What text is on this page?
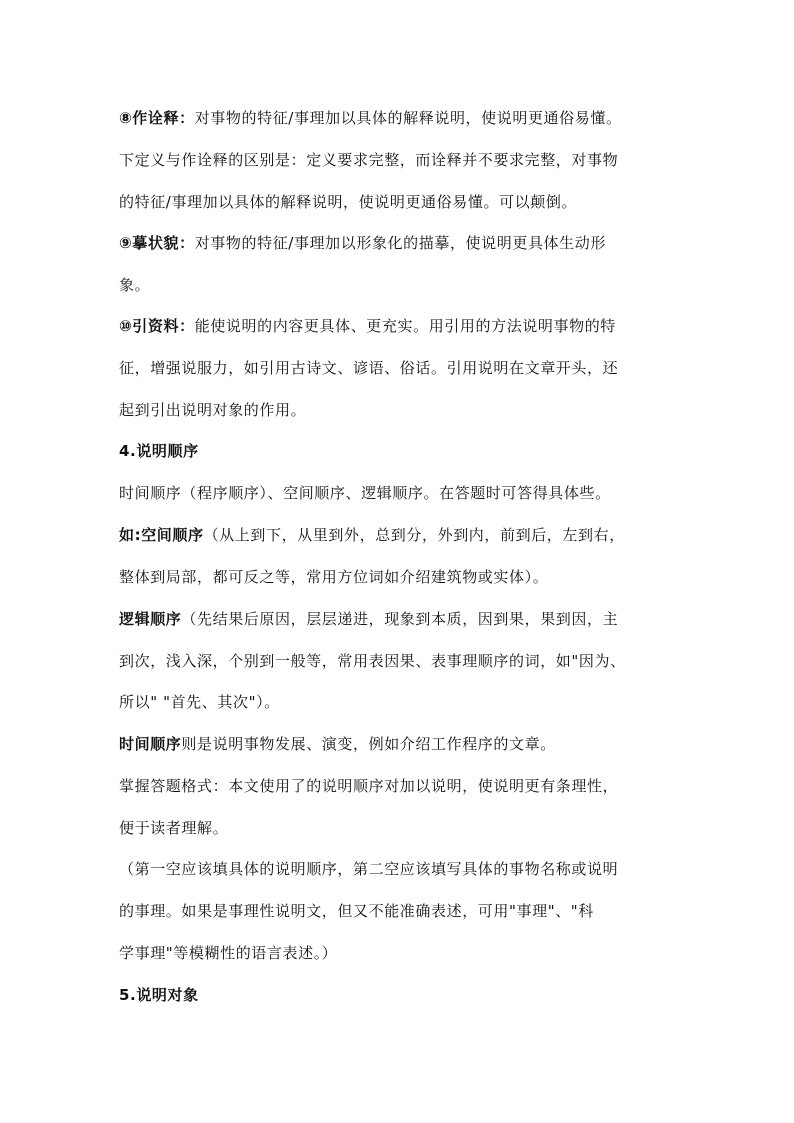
⑧作诠释：对事物的特征/事理加以具体的解释说明，使说明更通俗易懂。
下定义与作诠释的区别是：定义要求完整，而诠释并不要求完整，对事物
的特征/事理加以具体的解释说明，使说明更通俗易懂。可以颠倒。
⑨摹状貌：对事物的特征/事理加以形象化的描摹，使说明更具体生动形
象。
⑩引资料：能使说明的内容更具体、更充实。用引用的方法说明事物的特
征，增强说服力，如引用古诗文、谚语、俗话。引用说明在文章开头，还
起到引出说明对象的作用。
4.说明顺序
时间顺序（程序顺序）、空间顺序、逻辑顺序。在答题时可答得具体些。
如:空间顺序（从上到下，从里到外，总到分，外到内，前到后，左到右，
整体到局部，都可反之等，常用方位词如介绍建筑物或实体）。
逻辑顺序（先结果后原因，层层递进，现象到本质，因到果，果到因，主
到次，浅入深，个别到一般等，常用表因果、表事理顺序的词，如"因为、
所以" "首先、其次"）。
时间顺序则是说明事物发展、演变，例如介绍工作程序的文章。
掌握答题格式：本文使用了的说明顺序对加以说明，使说明更有条理性，
便于读者理解。
（第一空应该填具体的说明顺序，第二空应该填写具体的事物名称或说明
的事理。如果是事理性说明文，但又不能准确表述，可用"事理"、"科
学事理"等模糊性的语言表述。）
5.说明对象
